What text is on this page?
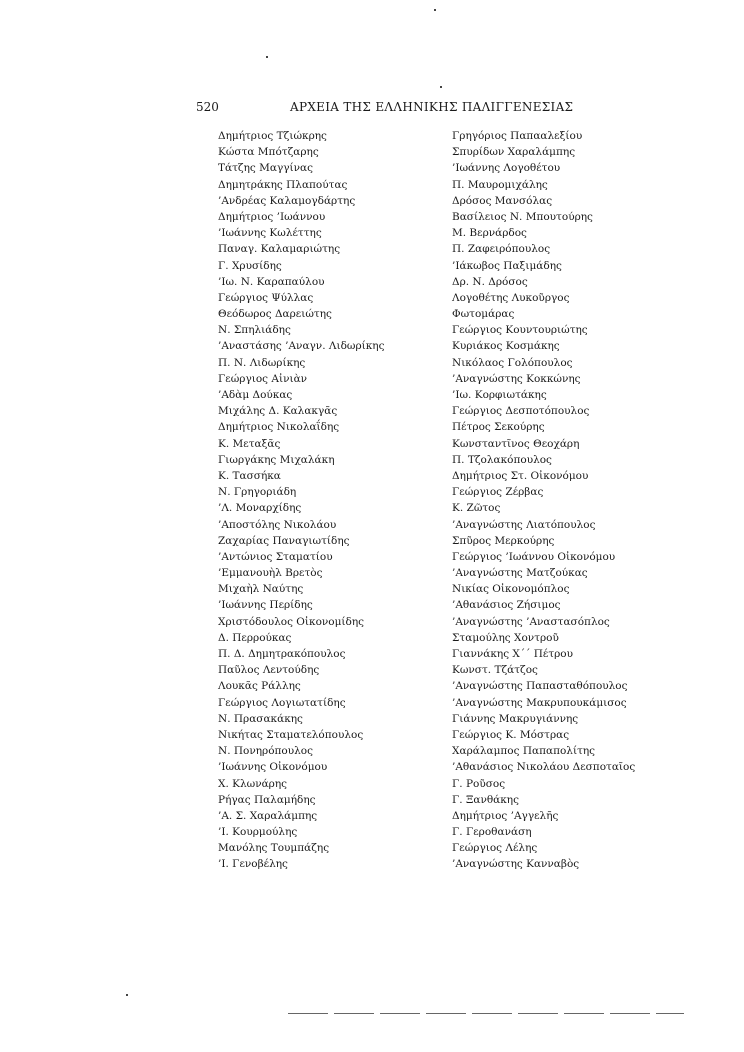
520	ΑΡΧΕΙΑ ΤΗΣ ΕΛΛΗΝΙΚΗΣ ΠΑΛΙΓΓΕΝΕΣΙΑΣ
Δημήτριος Τζιώκρης
Κώστα Μπότζαρης
Τάτζης Μαγγίνας
Δημητράκης Πλαπούτας
’Ανδρέας Καλαμογδάρτης
Δημήτριος ’Ιωάννου
’Ιωάννης Κωλέττης
Παναγ. Καλαμαριώτης
Γ. Χρυσίδης
’Ιω. Ν. Καραπαύλου
Γεώργιος Ψύλλας
Θεόδωρος Δαρειώτης
Ν. Σπηλιάδης
’Αναστάσης ’Αναγν. Λιδωρίκης
Π. Ν. Λιδωρίκης
Γεώργιος Αἰνιὰν
’Αδὰμ Δούκας
Μιχάλης Δ. Καλακγᾶς
Δημήτριος Νικολαΐδης
Κ. Μεταξᾶς
Γιωργάκης Μιχαλάκη
Κ. Τασσήκα
Ν. Γρηγοριάδη
’Λ. Μοναρχίδης
’Αποστόλης Νικολάου
Ζαχαρίας Παναγιωτίδης
’Αντώνιος Σταματίου
’Εμμανουὴλ Βρετὸς
Μιχαὴλ Ναύτης
’Ιωάννης Περίδης
Χριστόδουλος Οἰκονομίδης
Δ. Περρούκας
Π. Δ. Δημητρακόπουλος
Παῦλος Λεντούδης
Λουκᾶς Ράλλης
Γεώργιος Λογιωτατίδης
Ν. Πρασακάκης
Νικήτας Σταματελόπουλος
Ν. Πονηρόπουλος
’Ιωάννης Οἰκονόμου
Χ. Κλωνάρης
Ρήγας Παλαμήδης
’Α. Σ. Χαραλάμπης
’Ι. Κουρμούλης
Μανόλης Τουμπάζης
’Ι. Γενοβέλης
Γρηγόριος Παπααλεξίου
Σπυρίδων Χαραλάμπης
’Ιωάννης Λογοθέτου
Π. Μαυρομιχάλης
Δρόσος Μανσόλας
Βασίλειος Ν. Μπουτούρης
Μ. Βερνάρδος
Π. Ζαφειρόπουλος
’Ιάκωβος Παξιμάδης
Δρ. Ν. Δρόσος
Λογοθέτης Λυκοῦργος
Φωτομάρας
Γεώργιος Κουντουριώτης
Κυριάκος Κοσμάκης
Νικόλαος Γολόπουλος
’Αναγνώστης Κοκκώνης
’Ιω. Κορφιωτάκης
Γεώργιος Δεσποτόπουλος
Πέτρος Σεκούρης
Κωνσταντῖνος Θεοχάρη
Π. Τζολακόπουλος
Δημήτριος Στ. Οἰκονόμου
Γεώργιος Ζέρβας
Κ. Ζῶτος
’Αναγνώστης Λιατόπουλος
Σπῦρος Μερκούρης
Γεώργιος ’Ιωάννου Οἰκονόμου
’Αναγνώστης Ματζούκας
Νικίας Οἰκονομόπλος
’Αθανάσιος Ζήσιμος
’Αναγνώστης ’Αναστασόπλος
Σταμούλης Χοντροῦ
Γιαννάκης Χ΄΄ Πέτρου
Κωνστ. Τζάτζος
’Αναγνώστης Παπασταθόπουλος
’Αναγνώστης Μακρυπουκάμισος
Γιάννης Μακρυγιάννης
Γεώργιος Κ. Μόστρας
Χαράλαμπος Παπαπολίτης
’Αθανάσιος Νικολάου Δεσποταῖος
Γ. Ροῦσος
Γ. Ξανθάκης
Δημήτριος ’Αγγελῆς
Γ. Γεροθανάση
Γεώργιος Λέλης
’Αναγνώστης Κανναβὸς
